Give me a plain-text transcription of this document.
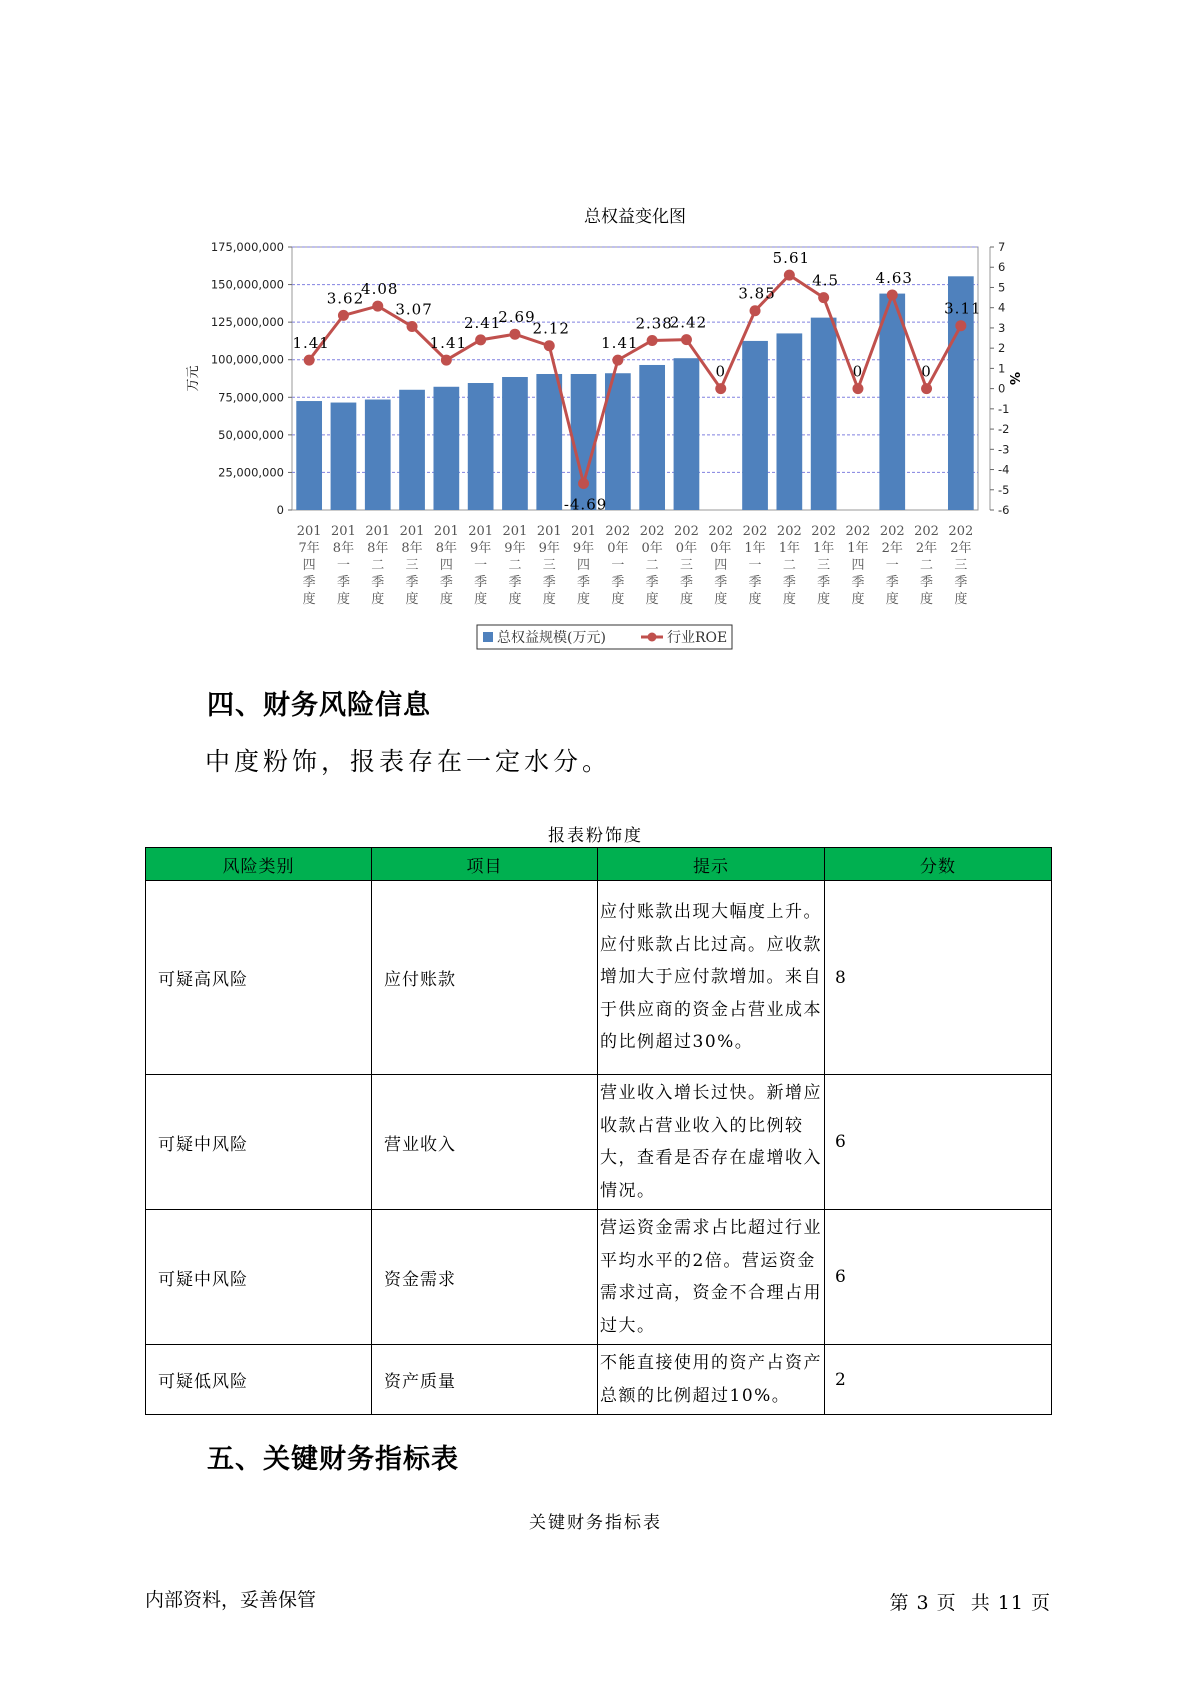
总权益变化图
0
25,000,000
50,000,000
75,000,000
100,000,000
125,000,000
150,000,000
175,000,000
-6
-5
-4
-3
-2
-1
0
1
2
3
4
5
6
7
万元	%
201
7年
四
季
度
201
8年
一
季
度
201
8年
二
季
度
201
8年
三
季
度
201
8年
四
季
度
201
9年
一
季
度
201
9年
二
季
度
201
9年
三
季
度
201
9年
四
季
度
202
0年
一
季
度
202
0年
二
季
度
202
0年
三
季
度
202
0年
四
季
度
202
1年
一
季
度
202
1年
二
季
度
202
1年
三
季
度
202
1年
四
季
度
202
2年
一
季
度
202
2年
二
季
度
202
2年
三
季
度
1.41
3.62
4.08
3.07
1.41
2.41
2.69
2.12
-4.69
1.41
2.38
2.42
0
3.85
5.61
4.5
0
4.63
0
3.11
总权益规模(万元)	行业ROE
四、财务风险信息

中度粉饰，报表存在一定水分。

报表粉饰度
风险类别	项目	提示	分数
可疑高风险	应付账款	应付账款出现大幅度上升。应付账款占比过高。应收款增加大于应付款增加。来自于供应商的资金占营业成本的比例超过30%。	8
可疑中风险	营业收入	营业收入增长过快。新增应收款占营业收入的比例较大，查看是否存在虚增收入情况。	6
可疑中风险	资金需求	营运资金需求占比超过行业平均水平的2倍。营运资金需求过高，资金不合理占用过大。	6
可疑低风险	资产质量	不能直接使用的资产占资产总额的比例超过10%。	2
五、关键财务指标表
关键财务指标表
内部资料，妥善保管	第 3 页  共 11 页
